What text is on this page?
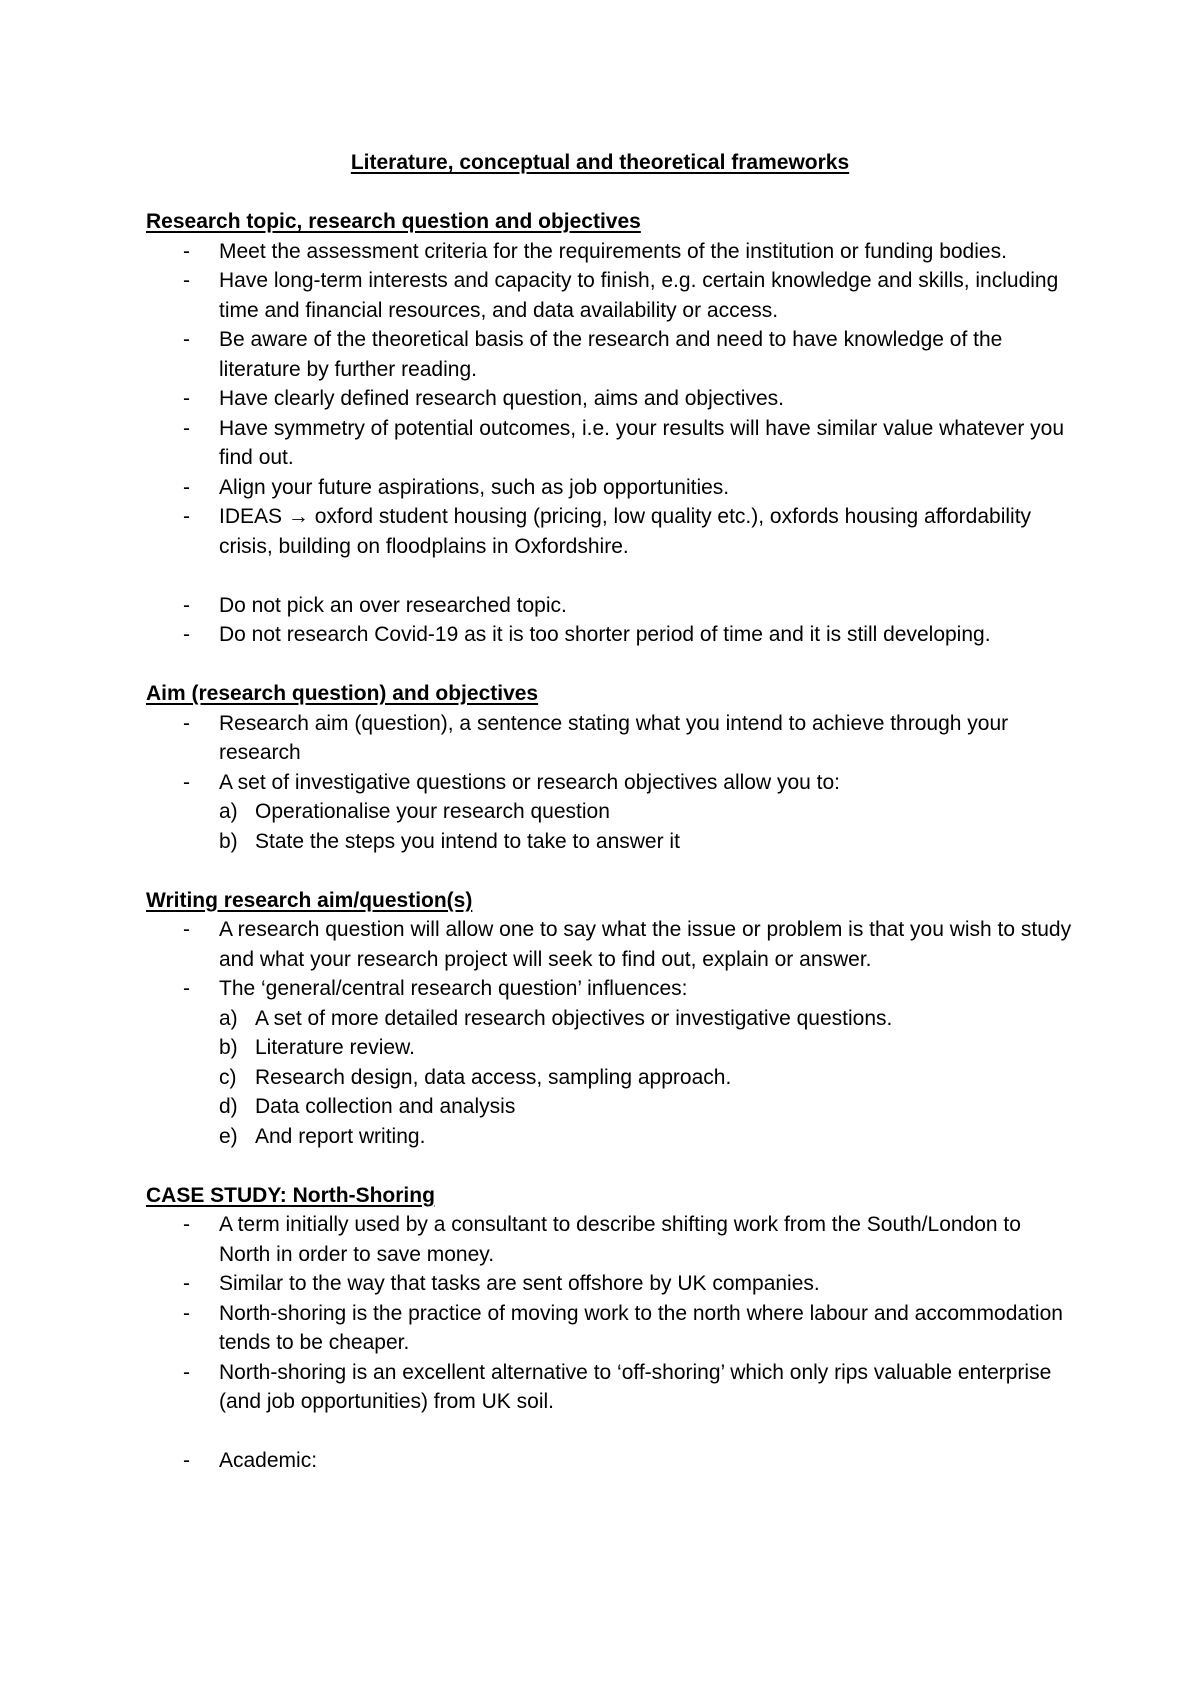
Literature, conceptual and theoretical frameworks
Research topic, research question and objectives
- Meet the assessment criteria for the requirements of the institution or funding bodies.
- Have long-term interests and capacity to finish, e.g. certain knowledge and skills, including time and financial resources, and data availability or access.
- Be aware of the theoretical basis of the research and need to have knowledge of the literature by further reading.
- Have clearly defined research question, aims and objectives.
- Have symmetry of potential outcomes, i.e. your results will have similar value whatever you find out.
- Align your future aspirations, such as job opportunities.
- IDEAS → oxford student housing (pricing, low quality etc.), oxfords housing affordability crisis, building on floodplains in Oxfordshire.
- Do not pick an over researched topic.
- Do not research Covid-19 as it is too shorter period of time and it is still developing.
Aim (research question) and objectives
- Research aim (question), a sentence stating what you intend to achieve through your research
- A set of investigative questions or research objectives allow you to:
a) Operationalise your research question
b) State the steps you intend to take to answer it
Writing research aim/question(s)
- A research question will allow one to say what the issue or problem is that you wish to study and what your research project will seek to find out, explain or answer.
- The ‘general/central research question’ influences:
a) A set of more detailed research objectives or investigative questions.
b) Literature review.
c) Research design, data access, sampling approach.
d) Data collection and analysis
e) And report writing.
CASE STUDY: North-Shoring
- A term initially used by a consultant to describe shifting work from the South/London to North in order to save money.
- Similar to the way that tasks are sent offshore by UK companies.
- North-shoring is the practice of moving work to the north where labour and accommodation tends to be cheaper.
- North-shoring is an excellent alternative to ‘off-shoring’ which only rips valuable enterprise (and job opportunities) from UK soil.
- Academic:
